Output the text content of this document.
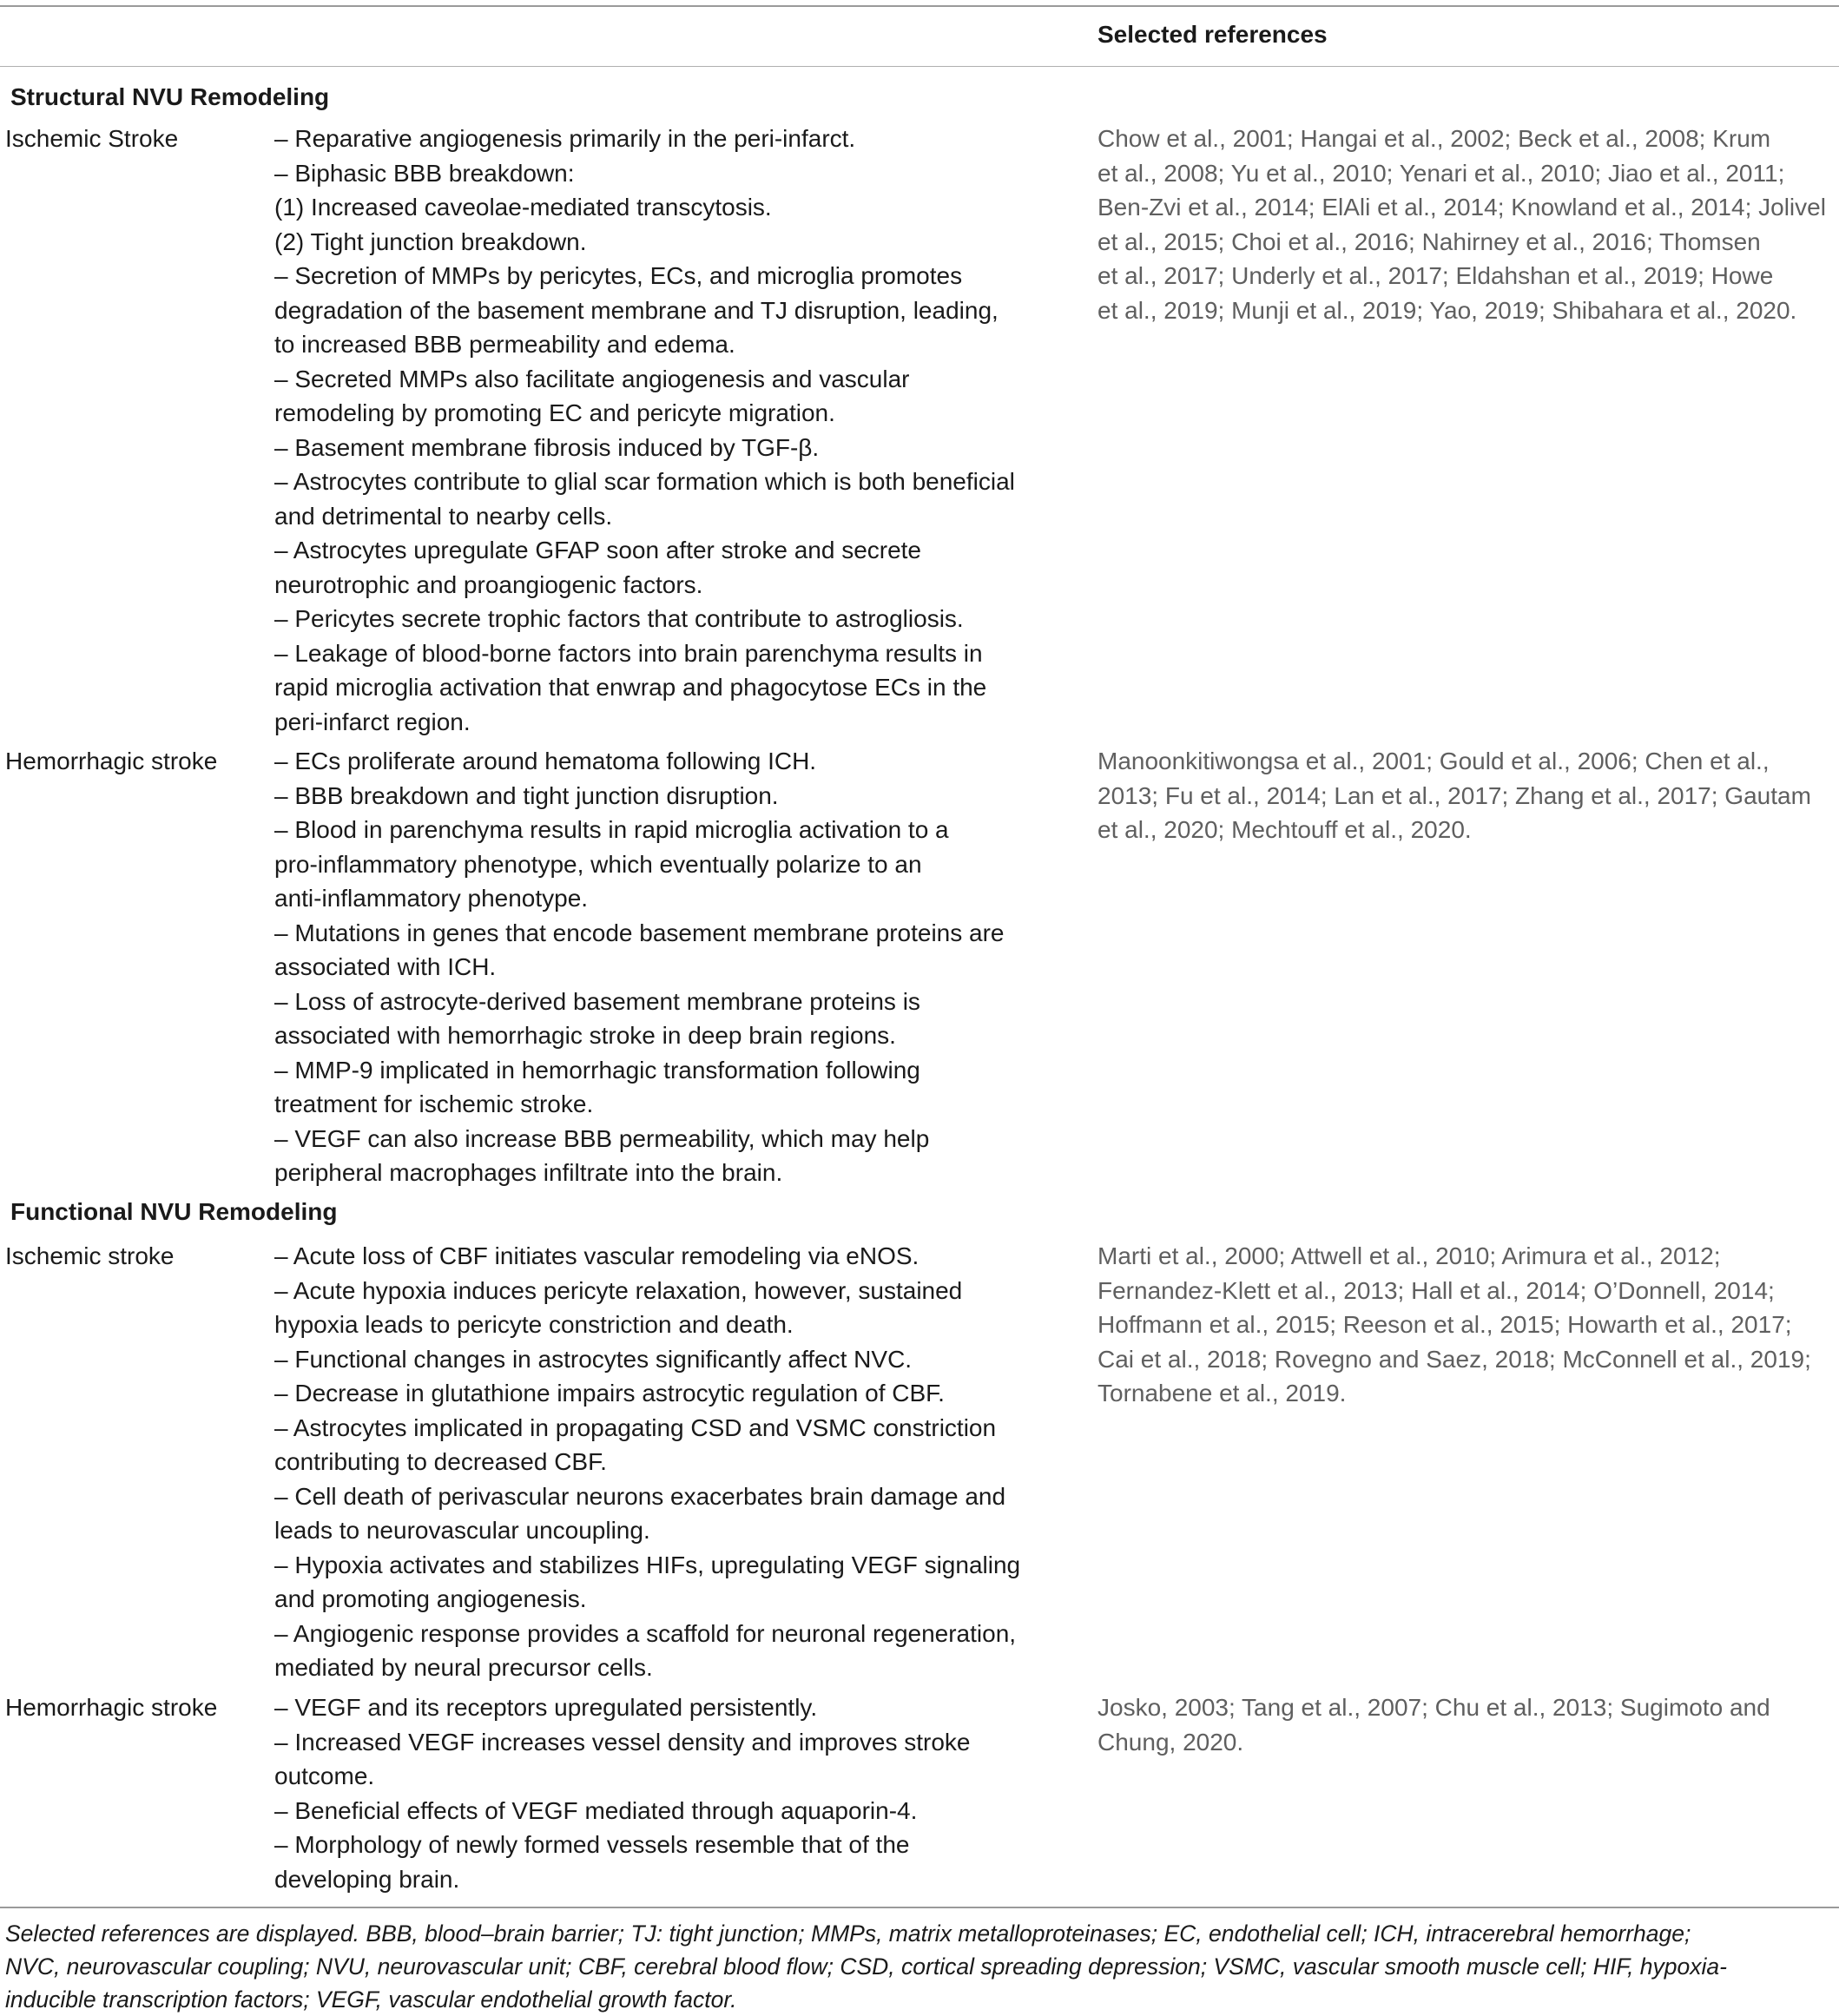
Selected references
Structural NVU Remodeling
Ischemic Stroke	– Reparative angiogenesis primarily in the peri-infarct.
– Biphasic BBB breakdown:
(1) Increased caveolae-mediated transcytosis.
(2) Tight junction breakdown.
– Secretion of MMPs by pericytes, ECs, and microglia promotes
degradation of the basement membrane and TJ disruption, leading,
to increased BBB permeability and edema.
– Secreted MMPs also facilitate angiogenesis and vascular
remodeling by promoting EC and pericyte migration.
– Basement membrane fibrosis induced by TGF-β.
– Astrocytes contribute to glial scar formation which is both beneficial
and detrimental to nearby cells.
– Astrocytes upregulate GFAP soon after stroke and secrete
neurotrophic and proangiogenic factors.
– Pericytes secrete trophic factors that contribute to astrogliosis.
– Leakage of blood-borne factors into brain parenchyma results in
rapid microglia activation that enwrap and phagocytose ECs in the
peri-infarct region.
Chow et al., 2001; Hangai et al., 2002; Beck et al., 2008; Krum
et al., 2008; Yu et al., 2010; Yenari et al., 2010; Jiao et al., 2011;
Ben-Zvi et al., 2014; ElAli et al., 2014; Knowland et al., 2014; Jolivel
et al., 2015; Choi et al., 2016; Nahirney et al., 2016; Thomsen
et al., 2017; Underly et al., 2017; Eldahshan et al., 2019; Howe
et al., 2019; Munji et al., 2019; Yao, 2019; Shibahara et al., 2020.
Hemorrhagic stroke – ECs proliferate around hematoma following ICH.
– BBB breakdown and tight junction disruption.
– Blood in parenchyma results in rapid microglia activation to a
pro-inflammatory phenotype, which eventually polarize to an
anti-inflammatory phenotype.
– Mutations in genes that encode basement membrane proteins are
associated with ICH.
– Loss of astrocyte-derived basement membrane proteins is
associated with hemorrhagic stroke in deep brain regions.
– MMP-9 implicated in hemorrhagic transformation following
treatment for ischemic stroke.
– VEGF can also increase BBB permeability, which may help
peripheral macrophages infiltrate into the brain.
Manoonkitiwongsa et al., 2001; Gould et al., 2006; Chen et al.,
2013; Fu et al., 2014; Lan et al., 2017; Zhang et al., 2017; Gautam
et al., 2020; Mechtouff et al., 2020.
Functional NVU Remodeling
Ischemic stroke	– Acute loss of CBF initiates vascular remodeling via eNOS.
– Acute hypoxia induces pericyte relaxation, however, sustained
hypoxia leads to pericyte constriction and death.
– Functional changes in astrocytes significantly affect NVC.
– Decrease in glutathione impairs astrocytic regulation of CBF.
– Astrocytes implicated in propagating CSD and VSMC constriction
contributing to decreased CBF.
– Cell death of perivascular neurons exacerbates brain damage and
leads to neurovascular uncoupling.
– Hypoxia activates and stabilizes HIFs, upregulating VEGF signaling
and promoting angiogenesis.
– Angiogenic response provides a scaffold for neuronal regeneration,
mediated by neural precursor cells.
Marti et al., 2000; Attwell et al., 2010; Arimura et al., 2012;
Fernandez-Klett et al., 2013; Hall et al., 2014; O’Donnell, 2014;
Hoffmann et al., 2015; Reeson et al., 2015; Howarth et al., 2017;
Cai et al., 2018; Rovegno and Saez, 2018; McConnell et al., 2019;
Tornabene et al., 2019.
Hemorrhagic stroke – VEGF and its receptors upregulated persistently.
– Increased VEGF increases vessel density and improves stroke
outcome.
– Beneficial effects of VEGF mediated through aquaporin-4.
– Morphology of newly formed vessels resemble that of the
developing brain.
Josko, 2003; Tang et al., 2007; Chu et al., 2013; Sugimoto and
Chung, 2020.
Selected references are displayed. BBB, blood–brain barrier; TJ: tight junction; MMPs, matrix metalloproteinases; EC, endothelial cell; ICH, intracerebral hemorrhage;
NVC, neurovascular coupling; NVU, neurovascular unit; CBF, cerebral blood flow; CSD, cortical spreading depression; VSMC, vascular smooth muscle cell; HIF, hypoxia-
inducible transcription factors; VEGF, vascular endothelial growth factor.
